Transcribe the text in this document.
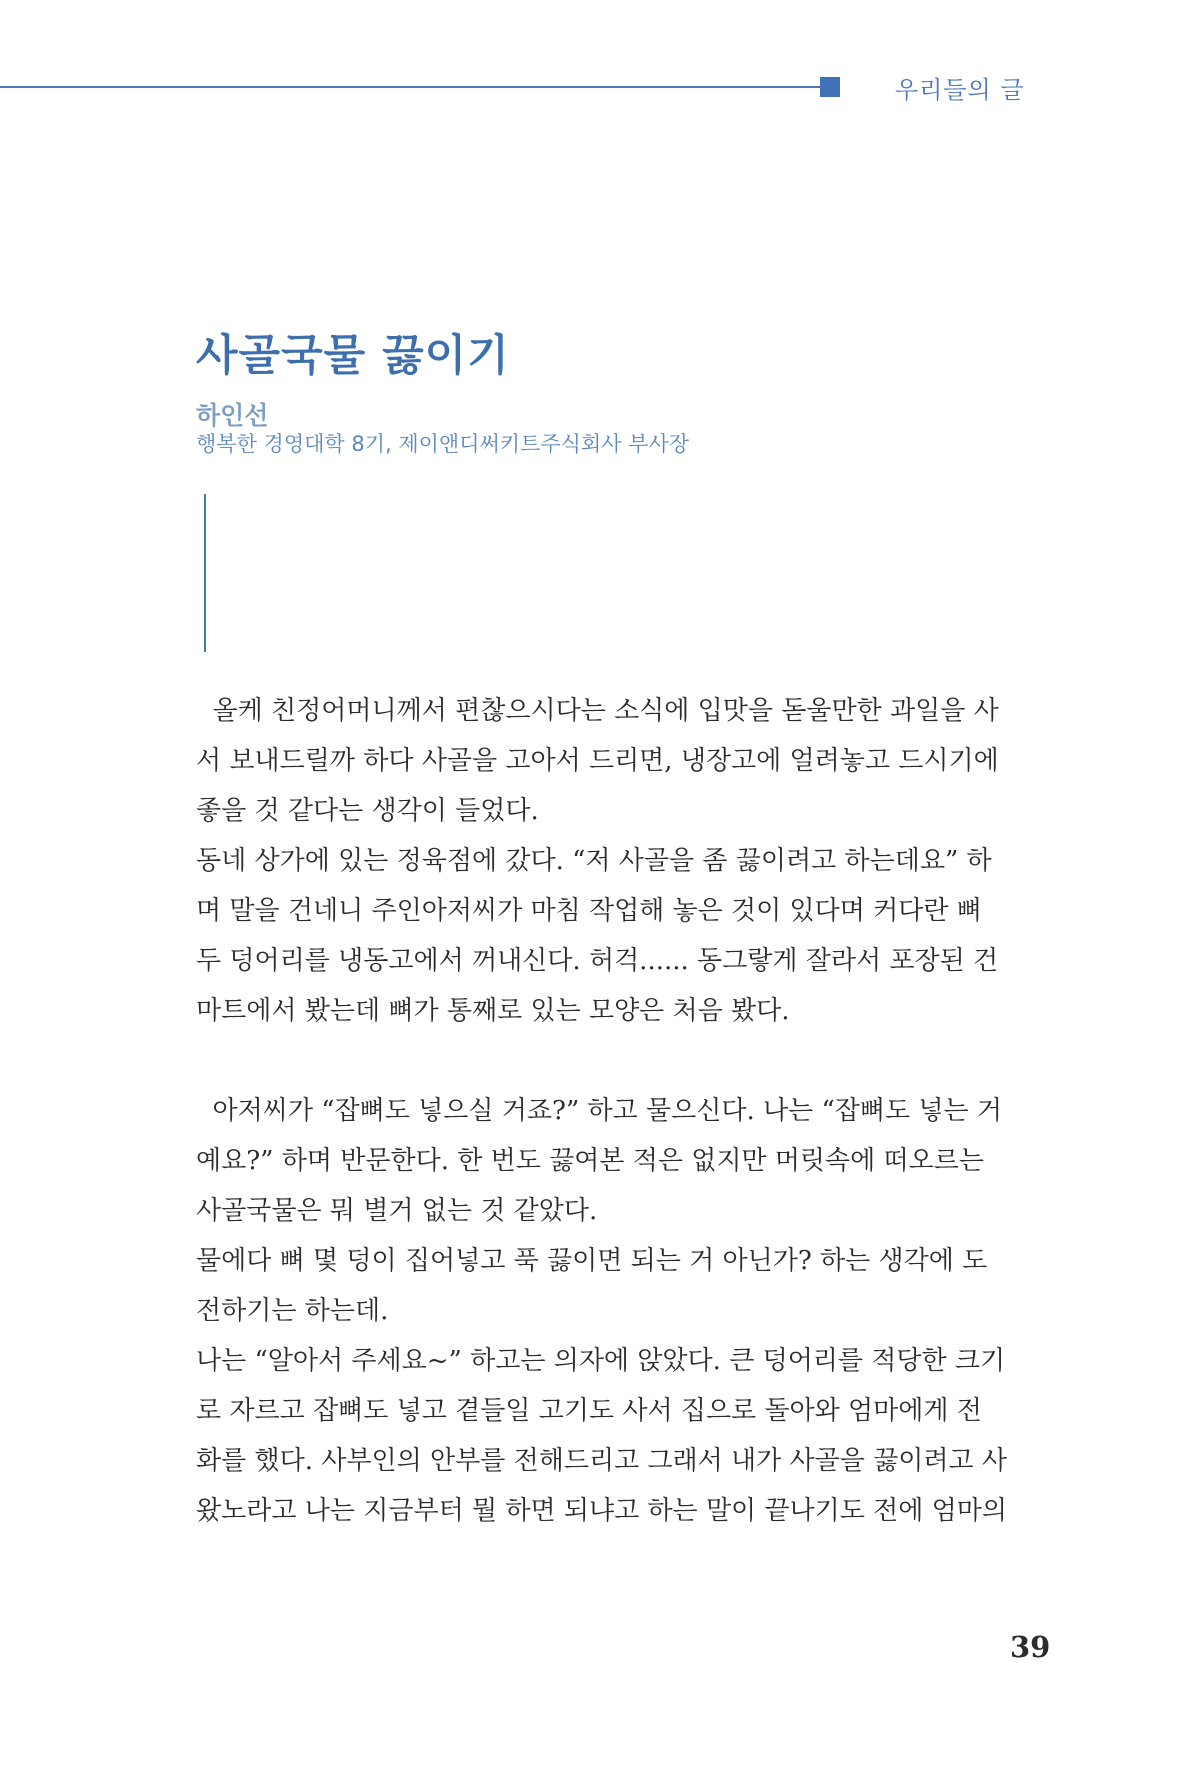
우리들의 글
사골국물 끓이기
하인선
행복한 경영대학 8기, 제이앤디써키트주식회사 부사장

올케 친정어머니께서 편찮으시다는 소식에 입맛을 돋울만한 과일을 사

서 보내드릴까 하다 사골을 고아서 드리면, 냉장고에 얼려놓고 드시기에

좋을 것 같다는 생각이 들었다.

동네 상가에 있는 정육점에 갔다. “저 사골을 좀 끓이려고 하는데요” 하

며 말을 건네니 주인아저씨가 마침 작업해 놓은 것이 있다며 커다란 뼈

두 덩어리를 냉동고에서 꺼내신다. 허걱...... 동그랗게 잘라서 포장된 건

마트에서 봤는데 뼈가 통째로 있는 모양은 처음 봤다.

아저씨가 “잡뼈도 넣으실 거죠?” 하고 물으신다. 나는 “잡뼈도 넣는 거

예요?” 하며 반문한다. 한 번도 끓여본 적은 없지만 머릿속에 떠오르는

사골국물은 뭐 별거 없는 것 같았다.

물에다 뼈 몇 덩이 집어넣고 푹 끓이면 되는 거 아닌가? 하는 생각에 도

전하기는 하는데.

나는 “알아서 주세요~” 하고는 의자에 앉았다. 큰 덩어리를 적당한 크기

로 자르고 잡뼈도 넣고 곁들일 고기도 사서 집으로 돌아와 엄마에게 전

화를 했다. 사부인의 안부를 전해드리고 그래서 내가 사골을 끓이려고 사

왔노라고 나는 지금부터 뭘 하면 되냐고 하는 말이 끝나기도 전에 엄마의

39
